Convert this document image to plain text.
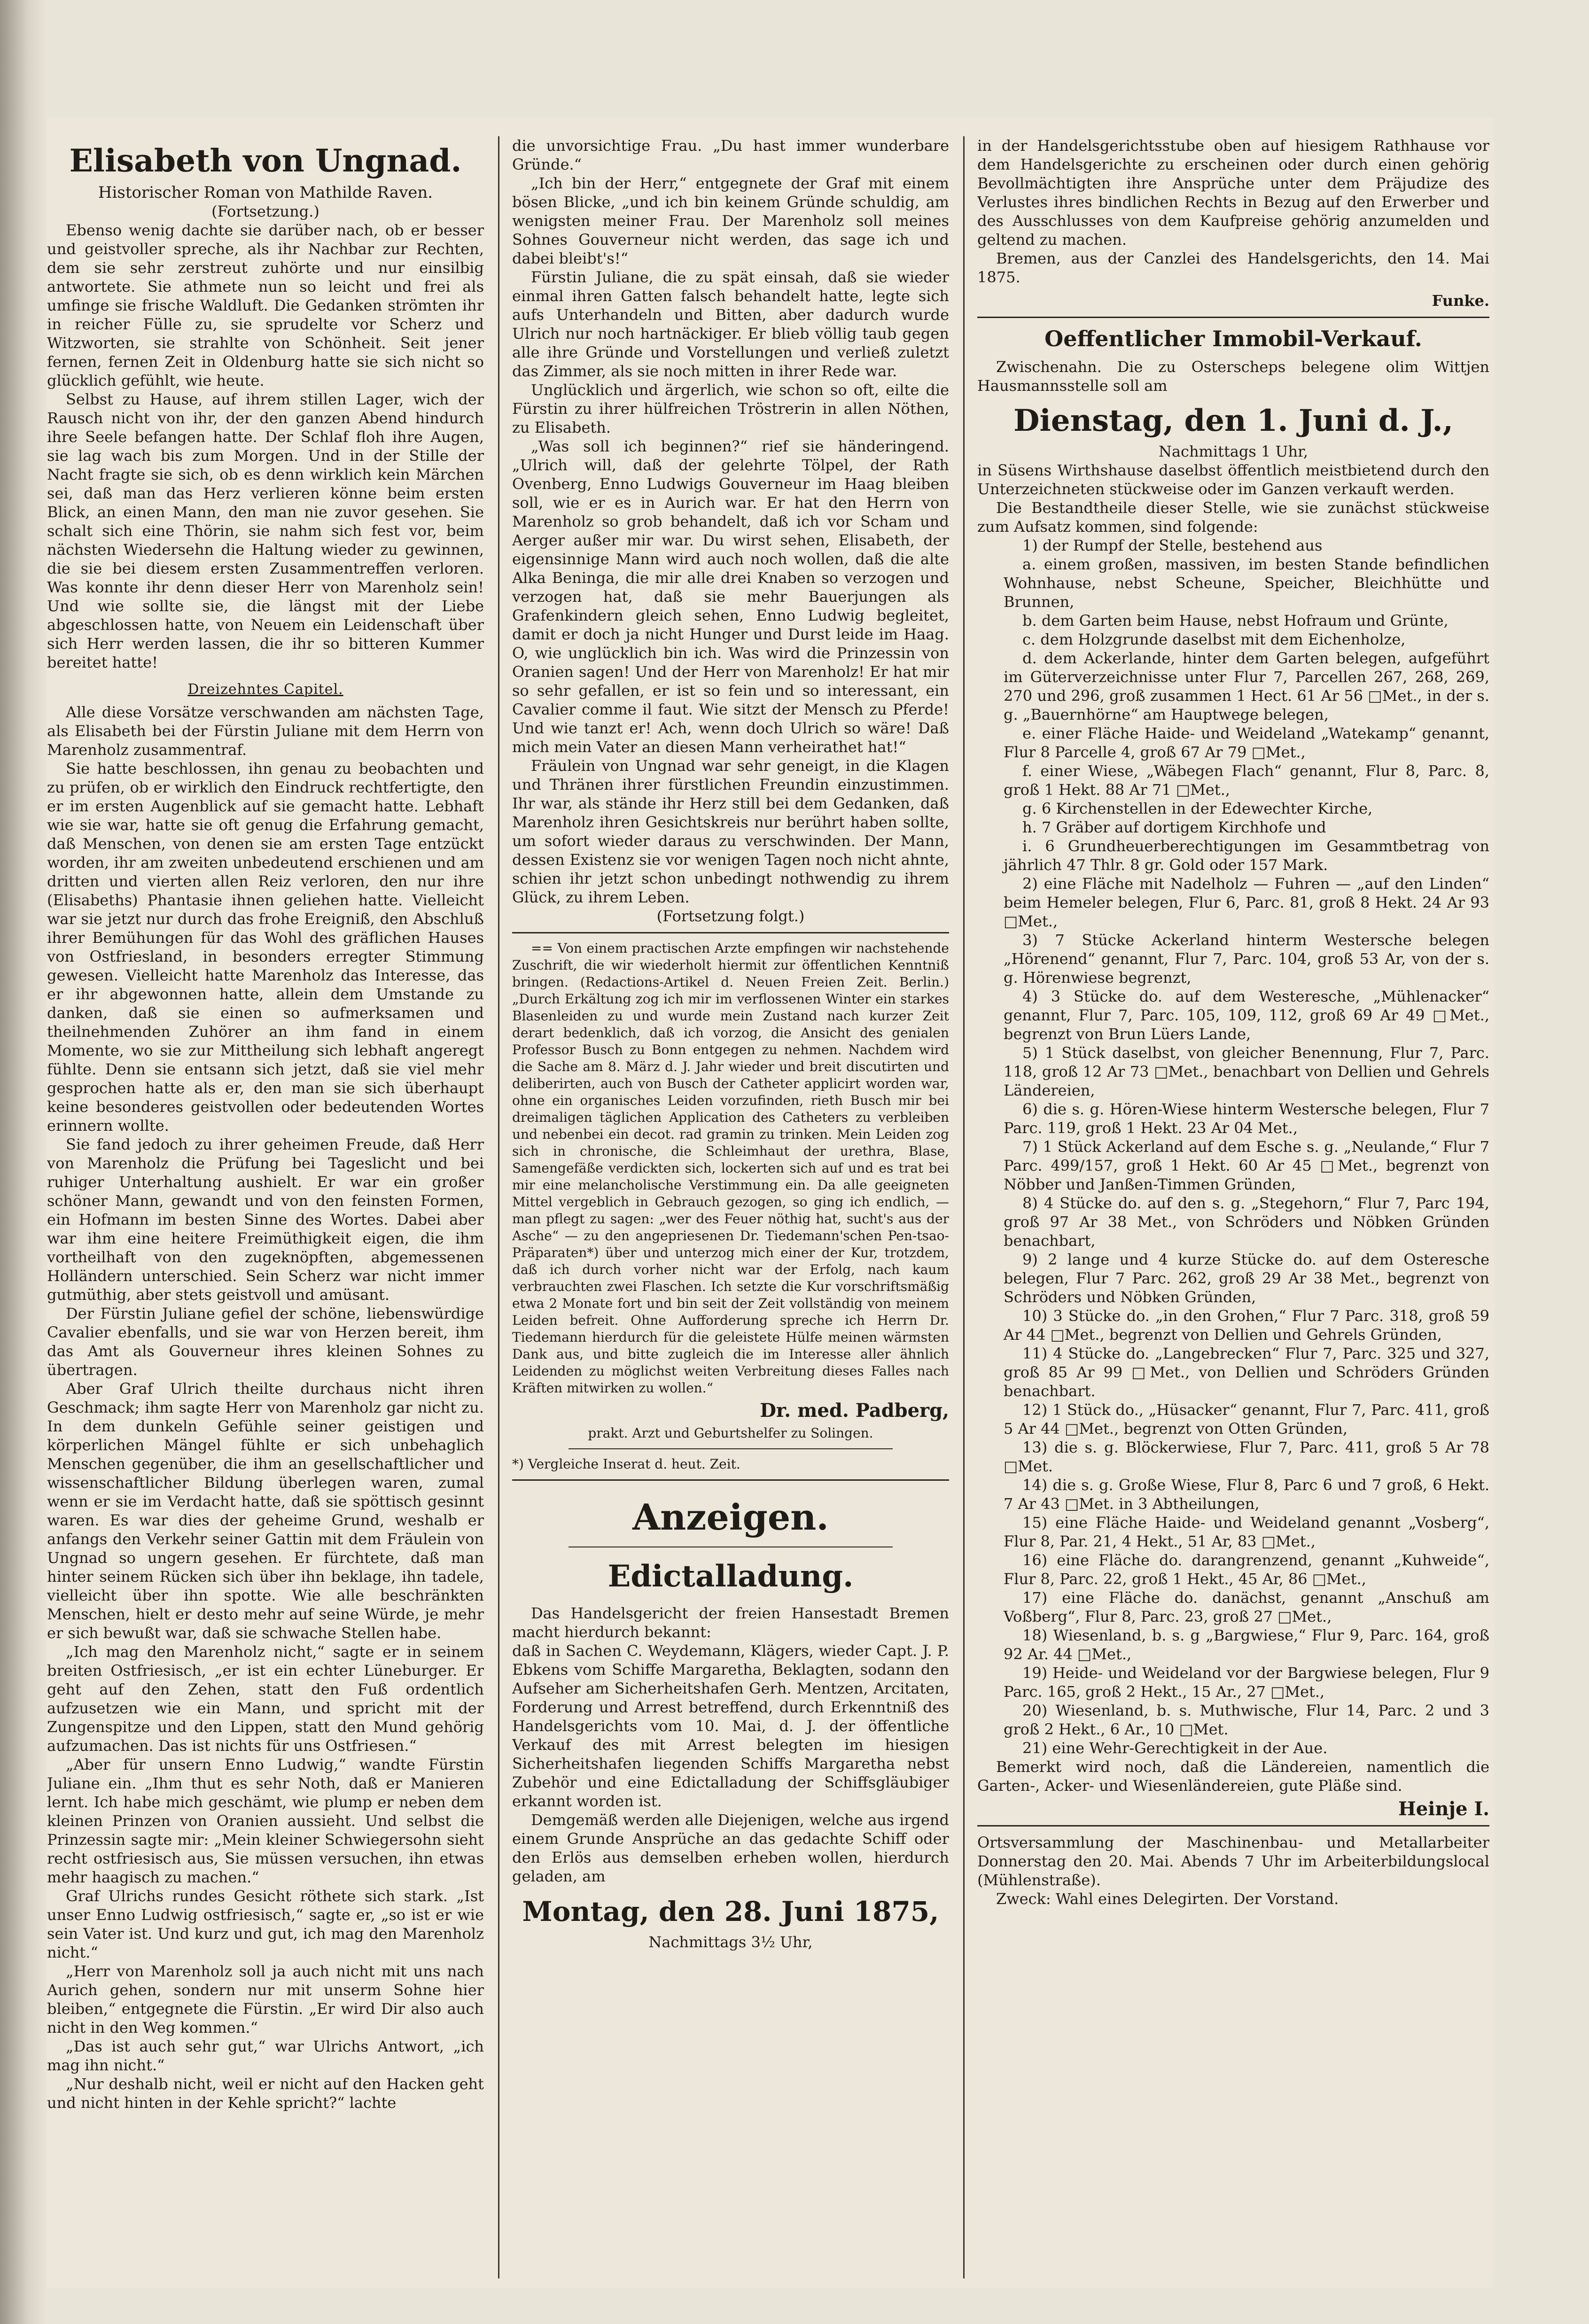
Elisabeth von Ungnad.

Historischer Roman von Mathilde Raven.

(Fortsetzung.)

Ebenso wenig dachte sie darüber nach, ob er besser und geistvoller spreche, als ihr Nachbar zur Rechten, dem sie sehr zerstreut zuhörte und nur einsilbig antwortete. Sie athmete nun so leicht und frei als umfinge sie frische Waldluft. Die Gedanken strömten ihr in reicher Fülle zu, sie sprudelte vor Scherz und Witzworten, sie strahlte von Schönheit. Seit jener fernen, fernen Zeit in Oldenburg hatte sie sich nicht so glücklich gefühlt, wie heute.

Selbst zu Hause, auf ihrem stillen Lager, wich der Rausch nicht von ihr, der den ganzen Abend hindurch ihre Seele befangen hatte. Der Schlaf floh ihre Augen, sie lag wach bis zum Morgen. Und in der Stille der Nacht fragte sie sich, ob es denn wirklich kein Märchen sei, daß man das Herz verlieren könne beim ersten Blick, an einen Mann, den man nie zuvor gesehen. Sie schalt sich eine Thörin, sie nahm sich fest vor, beim nächsten Wiedersehn die Haltung wieder zu gewinnen, die sie bei diesem ersten Zusammentreffen verloren. Was konnte ihr denn dieser Herr von Marenholz sein! Und wie sollte sie, die längst mit der Liebe abgeschlossen hatte, von Neuem ein Leidenschaft über sich Herr werden lassen, die ihr so bitteren Kummer bereitet hatte!

Dreizehntes Capitel.

Alle diese Vorsätze verschwanden am nächsten Tage, als Elisabeth bei der Fürstin Juliane mit dem Herrn von Marenholz zusammentraf.

Sie hatte beschlossen, ihn genau zu beobachten und zu prüfen, ob er wirklich den Eindruck rechtfertigte, den er im ersten Augenblick auf sie gemacht hatte. Lebhaft wie sie war, hatte sie oft genug die Erfahrung gemacht, daß Menschen, von denen sie am ersten Tage entzückt worden, ihr am zweiten unbedeutend erschienen und am dritten und vierten allen Reiz verloren, den nur ihre (Elisabeths) Phantasie ihnen geliehen hatte. Vielleicht war sie jetzt nur durch das frohe Ereigniß, den Abschluß ihrer Bemühungen für das Wohl des gräflichen Hauses von Ostfriesland, in besonders erregter Stimmung gewesen. Vielleicht hatte Marenholz das Interesse, das er ihr abgewonnen hatte, allein dem Umstande zu danken, daß sie einen so aufmerksamen und theilnehmenden Zuhörer an ihm fand in einem Momente, wo sie zur Mittheilung sich lebhaft angeregt fühlte. Denn sie entsann sich jetzt, daß sie viel mehr gesprochen hatte als er, den man sie sich überhaupt keine besonderes geistvollen oder bedeutenden Wortes erinnern wollte.

Sie fand jedoch zu ihrer geheimen Freude, daß Herr von Marenholz die Prüfung bei Tageslicht und bei ruhiger Unterhaltung aushielt. Er war ein großer schöner Mann, gewandt und von den feinsten Formen, ein Hofmann im besten Sinne des Wortes. Dabei aber war ihm eine heitere Freimüthigkeit eigen, die ihm vortheilhaft von den zugeknöpften, abgemessenen Holländern unterschied. Sein Scherz war nicht immer gutmüthig, aber stets geistvoll und amüsant.

Der Fürstin Juliane gefiel der schöne, liebenswürdige Cavalier ebenfalls, und sie war von Herzen bereit, ihm das Amt als Gouverneur ihres kleinen Sohnes zu übertragen.

Aber Graf Ulrich theilte durchaus nicht ihren Geschmack; ihm sagte Herr von Marenholz gar nicht zu. In dem dunkeln Gefühle seiner geistigen und körperlichen Mängel fühlte er sich unbehaglich Menschen gegenüber, die ihm an gesellschaftlicher und wissenschaftlicher Bildung überlegen waren, zumal wenn er sie im Verdacht hatte, daß sie spöttisch gesinnt waren. Es war dies der geheime Grund, weshalb er anfangs den Verkehr seiner Gattin mit dem Fräulein von Ungnad so ungern gesehen. Er fürchtete, daß man hinter seinem Rücken sich über ihn beklage, ihn tadele, vielleicht über ihn spotte. Wie alle beschränkten Menschen, hielt er desto mehr auf seine Würde, je mehr er sich bewußt war, daß sie schwache Stellen habe.

„Ich mag den Marenholz nicht,“ sagte er in seinem breiten Ostfriesisch, „er ist ein echter Lüneburger. Er geht auf den Zehen, statt den Fuß ordentlich aufzusetzen wie ein Mann, und spricht mit der Zungenspitze und den Lippen, statt den Mund gehörig aufzumachen. Das ist nichts für uns Ostfriesen.“

„Aber für unsern Enno Ludwig,“ wandte Fürstin Juliane ein. „Ihm thut es sehr Noth, daß er Manieren lernt. Ich habe mich geschämt, wie plump er neben dem kleinen Prinzen von Oranien aussieht. Und selbst die Prinzessin sagte mir: „Mein kleiner Schwiegersohn sieht recht ostfriesisch aus, Sie müssen versuchen, ihn etwas mehr haagisch zu machen.“

Graf Ulrichs rundes Gesicht röthete sich stark. „Ist unser Enno Ludwig ostfriesisch,“ sagte er, „so ist er wie sein Vater ist. Und kurz und gut, ich mag den Marenholz nicht.“

„Herr von Marenholz soll ja auch nicht mit uns nach Aurich gehen, sondern nur mit unserm Sohne hier bleiben,“ entgegnete die Fürstin. „Er wird Dir also auch nicht in den Weg kommen.“

„Das ist auch sehr gut,“ war Ulrichs Antwort, „ich mag ihn nicht.“

„Nur deshalb nicht, weil er nicht auf den Hacken geht und nicht hinten in der Kehle spricht?“ lachte

die unvorsichtige Frau. „Du hast immer wunderbare Gründe.“

„Ich bin der Herr,“ entgegnete der Graf mit einem bösen Blicke, „und ich bin keinem Gründe schuldig, am wenigsten meiner Frau. Der Marenholz soll meines Sohnes Gouverneur nicht werden, das sage ich und dabei bleibt's!“

Fürstin Juliane, die zu spät einsah, daß sie wieder einmal ihren Gatten falsch behandelt hatte, legte sich aufs Unterhandeln und Bitten, aber dadurch wurde Ulrich nur noch hartnäckiger. Er blieb völlig taub gegen alle ihre Gründe und Vorstellungen und verließ zuletzt das Zimmer, als sie noch mitten in ihrer Rede war.

Unglücklich und ärgerlich, wie schon so oft, eilte die Fürstin zu ihrer hülfreichen Tröstrerin in allen Nöthen, zu Elisabeth.

„Was soll ich beginnen?“ rief sie händeringend. „Ulrich will, daß der gelehrte Tölpel, der Rath Ovenberg, Enno Ludwigs Gouverneur im Haag bleiben soll, wie er es in Aurich war. Er hat den Herrn von Marenholz so grob behandelt, daß ich vor Scham und Aerger außer mir war. Du wirst sehen, Elisabeth, der eigensinnige Mann wird auch noch wollen, daß die alte Alka Beninga, die mir alle drei Knaben so verzogen und verzogen hat, daß sie mehr Bauerjungen als Grafenkindern gleich sehen, Enno Ludwig begleitet, damit er doch ja nicht Hunger und Durst leide im Haag. O, wie unglücklich bin ich. Was wird die Prinzessin von Oranien sagen! Und der Herr von Marenholz! Er hat mir so sehr gefallen, er ist so fein und so interessant, ein Cavalier comme il faut. Wie sitzt der Mensch zu Pferde! Und wie tanzt er! Ach, wenn doch Ulrich so wäre! Daß mich mein Vater an diesen Mann verheirathet hat!“

Fräulein von Ungnad war sehr geneigt, in die Klagen und Thränen ihrer fürstlichen Freundin einzustimmen. Ihr war, als stände ihr Herz still bei dem Gedanken, daß Marenholz ihren Gesichtskreis nur berührt haben sollte, um sofort wieder daraus zu verschwinden. Der Mann, dessen Existenz sie vor wenigen Tagen noch nicht ahnte, schien ihr jetzt schon unbedingt nothwendig zu ihrem Glück, zu ihrem Leben.

(Fortsetzung folgt.)

== Von einem practischen Arzte empfingen wir nachstehende Zuschrift, die wir wiederholt hiermit zur öffentlichen Kenntniß bringen. (Redactions-Artikel d. Neuen Freien Zeit. Berlin.) „Durch Erkältung zog ich mir im verflossenen Winter ein starkes Blasenleiden zu und wurde mein Zustand nach kurzer Zeit derart bedenklich, daß ich vorzog, die Ansicht des genialen Professor Busch zu Bonn entgegen zu nehmen. Nachdem wird die Sache am 8. März d. J. Jahr wieder und breit discutirten und deliberirten, auch von Busch der Catheter applicirt worden war, ohne ein organisches Leiden vorzufinden, rieth Busch mir bei dreimaligen täglichen Application des Catheters zu verbleiben und nebenbei ein decot. rad gramin zu trinken. Mein Leiden zog sich in chronische, die Schleimhaut der urethra, Blase, Samengefäße verdickten sich, lockerten sich auf und es trat bei mir eine melancholische Verstimmung ein. Da alle geeigneten Mittel vergeblich in Gebrauch gezogen, so ging ich endlich, — man pflegt zu sagen: „wer des Feuer nöthig hat, sucht's aus der Asche“ — zu den angepriesenen Dr. Tiedemann'schen Pen-tsao-Präparaten*) über und unterzog mich einer der Kur, trotzdem, daß ich durch vorher nicht war der Erfolg, nach kaum verbrauchten zwei Flaschen. Ich setzte die Kur vorschriftsmäßig etwa 2 Monate fort und bin seit der Zeit vollständig von meinem Leiden befreit. Ohne Aufforderung spreche ich Herrn Dr. Tiedemann hierdurch für die geleistete Hülfe meinen wärmsten Dank aus, und bitte zugleich die im Interesse aller ähnlich Leidenden zu möglichst weiten Verbreitung dieses Falles nach Kräften mitwirken zu wollen.“

Dr. med. Padberg,

prakt. Arzt und Geburtshelfer zu Solingen.

*) Vergleiche Inserat d. heut. Zeit.

Anzeigen.
Edictalladung.

Das Handelsgericht der freien Hansestadt Bremen macht hierdurch bekannt:

daß in Sachen C. Weydemann, Klägers, wieder Capt. J. P. Ebkens vom Schiffe Margaretha, Beklagten, sodann den Aufseher am Sicherheitshafen Gerh. Mentzen, Arcitaten, Forderung und Arrest betreffend, durch Erkenntniß des Handelsgerichts vom 10. Mai, d. J. der öffentliche Verkauf des mit Arrest belegten im hiesigen Sicherheitshafen liegenden Schiffs Margaretha nebst Zubehör und eine Edictalladung der Schiffsgläubiger erkannt worden ist.

Demgemäß werden alle Diejenigen, welche aus irgend einem Grunde Ansprüche an das gedachte Schiff oder den Erlös aus demselben erheben wollen, hierdurch geladen, am

Montag, den 28. Juni 1875,

Nachmittags 3½ Uhr,

in der Handelsgerichtsstube oben auf hiesigem Rathhause vor dem Handelsgerichte zu erscheinen oder durch einen gehörig Bevollmächtigten ihre Ansprüche unter dem Präjudize des Verlustes ihres bindlichen Rechts in Bezug auf den Erwerber und des Ausschlusses von dem Kaufpreise gehörig anzumelden und geltend zu machen.

Bremen, aus der Canzlei des Handelsgerichts, den 14. Mai 1875.

Funke.
Oeffentlicher Immobil-Verkauf.

Zwischenahn. Die zu Osterscheps belegene olim Wittjen Hausmannsstelle soll am

Dienstag, den 1. Juni d. J.,

Nachmittags 1 Uhr,

in Süsens Wirthshause daselbst öffentlich meistbietend durch den Unterzeichneten stückweise oder im Ganzen verkauft werden.

Die Bestandtheile dieser Stelle, wie sie zunächst stückweise zum Aufsatz kommen, sind folgende:

1) der Rumpf der Stelle, bestehend aus

a. einem großen, massiven, im besten Stande befindlichen Wohnhause, nebst Scheune, Speicher, Bleichhütte und Brunnen,

b. dem Garten beim Hause, nebst Hofraum und Grüntе,

c. dem Holzgrunde daselbst mit dem Eichenholze,

d. dem Ackerlande, hinter dem Garten belegen, aufgeführt im Güterverzeichnisse unter Flur 7, Parcellen 267, 268, 269, 270 und 296, groß zusammen 1 Hect. 61 Ar 56 □Met., in der s. g. „Bauernhörne“ am Hauptwege belegen,

e. einer Fläche Haide- und Weideland „Watekamp“ genannt, Flur 8 Parcelle 4, groß 67 Ar 79 □Met.,

f. einer Wiese, „Wäbegen Flach“ genannt, Flur 8, Parc. 8, groß 1 Hekt. 88 Ar 71 □Met.,

g. 6 Kirchenstellen in der Edewechter Kirche,

h. 7 Gräber auf dortigem Kirchhofe und

i. 6 Grundheuerberechtigungen im Gesammtbetrag von jährlich 47 Thlr. 8 gr. Gold oder 157 Mark.

2) eine Fläche mit Nadelholz — Fuhren — „auf den Linden“ beim Hemeler belegen, Flur 6, Parc. 81, groß 8 Hekt. 24 Ar 93 □Met.,

3) 7 Stücke Ackerland hinterm Westersche belegen „Hörenend“ genannt, Flur 7, Parc. 104, groß 53 Ar, von der s. g. Hörenwiese begrenzt,

4) 3 Stücke do. auf dem Westeresche, „Mühlenacker“ genannt, Flur 7, Parc. 105, 109, 112, groß 69 Ar 49 □Met., begrenzt von Brun Lüers Lande,

5) 1 Stück daselbst, von gleicher Benennung, Flur 7, Parc. 118, groß 12 Ar 73 □Met., benachbart von Dellien und Gehrels Ländereien,

6) die s. g. Hören-Wiese hinterm Westersche belegen, Flur 7 Parc. 119, groß 1 Hekt. 23 Ar 04 Met.,

7) 1 Stück Ackerland auf dem Esche s. g. „Neulande,“ Flur 7 Parc. 499/157, groß 1 Hekt. 60 Ar 45 □Met., begrenzt von Nöbber und Janßen-Timmen Gründen,

8) 4 Stücke do. auf den s. g. „Stegehorn,“ Flur 7, Parc 194, groß 97 Ar 38 Met., von Schröders und Nöbken Gründen benachbart,

9) 2 lange und 4 kurze Stücke do. auf dem Osteresche belegen, Flur 7 Parc. 262, groß 29 Ar 38 Met., begrenzt von Schröders und Nöbken Gründen,

10) 3 Stücke do. „in den Grohen,“ Flur 7 Parc. 318, groß 59 Ar 44 □Met., begrenzt von Dellien und Gehrels Gründen,

11) 4 Stücke do. „Langebrecken“ Flur 7, Parc. 325 und 327, groß 85 Ar 99 □Met., von Dellien und Schröders Gründen benachbart.

12) 1 Stück do., „Hüsacker“ genannt, Flur 7, Parc. 411, groß 5 Ar 44 □Met., begrenzt von Otten Gründen,

13) die s. g. Blöckerwiese, Flur 7, Parc. 411, groß 5 Ar 78 □Met.

14) die s. g. Große Wiese, Flur 8, Parc 6 und 7 groß, 6 Hekt. 7 Ar 43 □Met. in 3 Abtheilungen,

15) eine Fläche Haide- und Weideland genannt „Vosberg“, Flur 8, Par. 21, 4 Hekt., 51 Ar, 83 □Met.,

16) eine Fläche do. darangrenzend, genannt „Kuhweide“, Flur 8, Parc. 22, groß 1 Hekt., 45 Ar, 86 □Met.,

17) eine Fläche do. danächst, genannt „Anschuß am Voßberg“, Flur 8, Parc. 23, groß 27 □Met.,

18) Wiesenland, b. s. g „Bargwiese,“ Flur 9, Parc. 164, groß 92 Ar. 44 □Met.,

19) Heide- und Weideland vor der Bargwiese belegen, Flur 9 Parc. 165, groß 2 Hekt., 15 Ar., 27 □Met.,

20) Wiesenland, b. s. Muthwische, Flur 14, Parc. 2 und 3 groß 2 Hekt., 6 Ar., 10 □Met.

21) eine Wehr-Gerechtigkeit in der Aue.

Bemerkt wird noch, daß die Ländereien, namentlich die Garten-, Acker- und Wiesenländereien, gute Pläße sind.

Heinje I.

Ortsversammlung der Maschinenbau- und Metallarbeiter Donnerstag den 20. Mai. Abends 7 Uhr im Arbeiterbildungslocal (Mühlenstraße).

Zweck: Wahl eines Delegirten. Der Vorstand.
